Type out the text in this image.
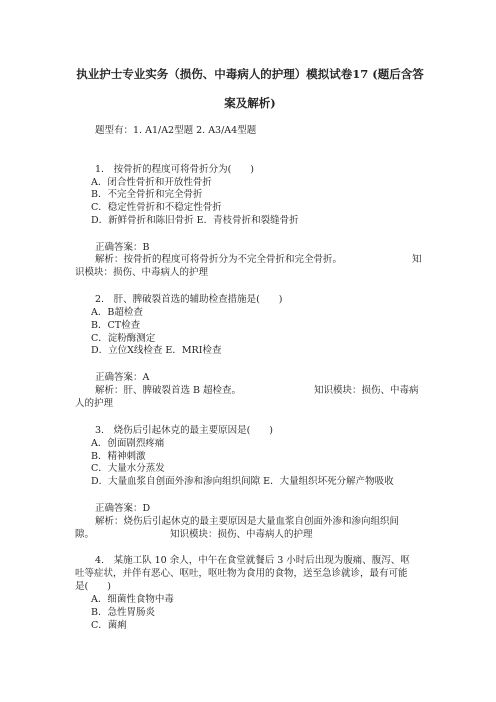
执业护士专业实务（损伤、中毒病人的护理）模拟试卷17 (题后含答
案及解析)
题型有：1. A1/A2型题 2. A3/A4型题
1.　按骨折的程度可将骨折分为(　　)
A．闭合性骨折和开放性骨折
B．不完全骨折和完全骨折
C．稳定性骨折和不稳定性骨折
D．新鲜骨折和陈旧骨折 E．青枝骨折和裂缝骨折
正确答案：B
解析：按骨折的程度可将骨折分为不完全骨折和完全骨折。	知
识模块：损伤、中毒病人的护理
2.　肝、脾破裂首选的辅助检查措施是(　　)
A．B超检查
B．CT检查
C．淀粉酶测定
D．立位X线检查 E．MRI检查
正确答案：A
解析：肝、脾破裂首选 B 超检查。	知识模块：损伤、中毒病
人的护理
3.　烧伤后引起休克的最主要原因是(　　)
A．创面剧烈疼痛
B．精神刺激
C．大量水分蒸发
D．大量血浆自创面外渗和渗向组织间隙 E．大量组织坏死分解产物吸收
正确答案：D
解析：烧伤后引起休克的最主要原因是大量血浆自创面外渗和渗向组织间
隙。	知识模块：损伤、中毒病人的护理
4.　某施工队 10 余人，中午在食堂就餐后 3 小时后出现为腹痛、腹泻、呕
吐等症状，并伴有恶心、呕吐，呕吐物为食用的食物，送至急诊就诊，最有可能
是(　　)
A．细菌性食物中毒
B．急性胃肠炎
C．菌痢
